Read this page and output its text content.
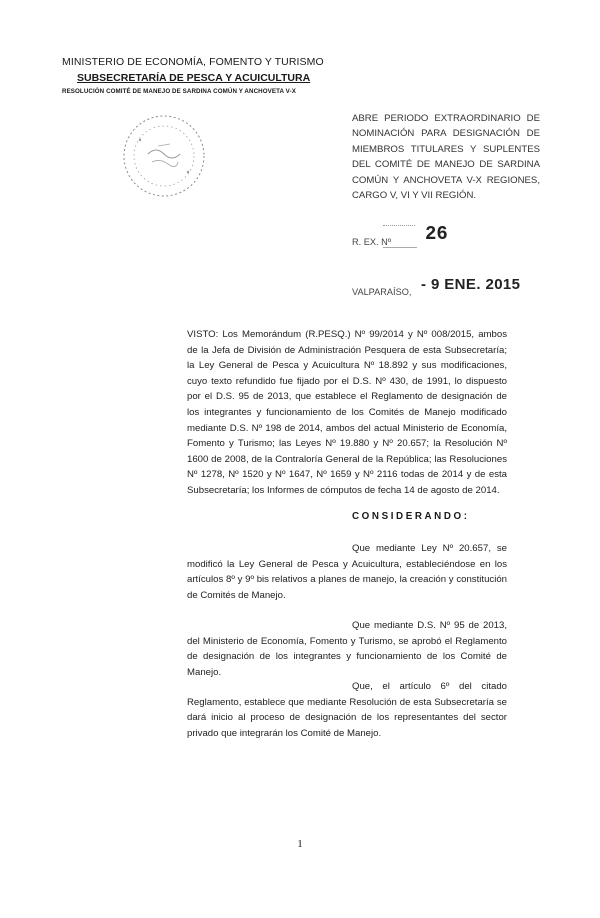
MINISTERIO DE ECONOMÍA, FOMENTO Y TURISMO
SUBSECRETARÍA DE PESCA Y ACUICULTURA
RESOLUCIÓN COMITÉ DE MANEJO DE SARDINA COMÚN Y ANCHOVETA V-X
ABRE PERIODO EXTRAORDINARIO DE NOMINACIÓN PARA DESIGNACIÓN DE MIEMBROS TITULARES Y SUPLENTES DEL COMITÉ DE MANEJO DE SARDINA COMÚN Y ANCHOVETA V-X REGIONES, CARGO V, VI Y VII REGIÓN.
R. EX. Nº 26
VALPARAÍSO, - 9 ENE. 2015
VISTO: Los Memorándum (R.PESQ.) Nº 99/2014 y Nº 008/2015, ambos de la Jefa de División de Administración Pesquera de esta Subsecretaría; la Ley General de Pesca y Acuicultura Nº 18.892 y sus modificaciones, cuyo texto refundido fue fijado por el D.S. Nº 430, de 1991, lo dispuesto por el D.S. 95 de 2013, que establece el Reglamento de designación de los integrantes y funcionamiento de los Comités de Manejo modificado mediante D.S. Nº 198 de 2014, ambos del actual Ministerio de Economía, Fomento y Turismo; las Leyes Nº 19.880 y Nº 20.657; la Resolución Nº 1600 de 2008, de la Contraloría General de la República; las Resoluciones Nº 1278, Nº 1520 y Nº 1647, Nº 1659 y Nº 2116 todas de 2014 y de esta Subsecretaría; los Informes de cómputos de fecha 14 de agosto de 2014.
CONSIDERANDO:
Que mediante Ley Nº 20.657, se modificó la Ley General de Pesca y Acuicultura, estableciéndose en los artículos 8º y 9º bis relativos a planes de manejo, la creación y constitución de Comités de Manejo.
Que mediante D.S. Nº 95 de 2013, del Ministerio de Economía, Fomento y Turismo, se aprobó el Reglamento de designación de los integrantes y funcionamiento de los Comité de Manejo.
Que, el artículo 6º del citado Reglamento, establece que mediante Resolución de esta Subsecretaría se dará inicio al proceso de designación de los representantes del sector privado que integrarán los Comité de Manejo.
1
